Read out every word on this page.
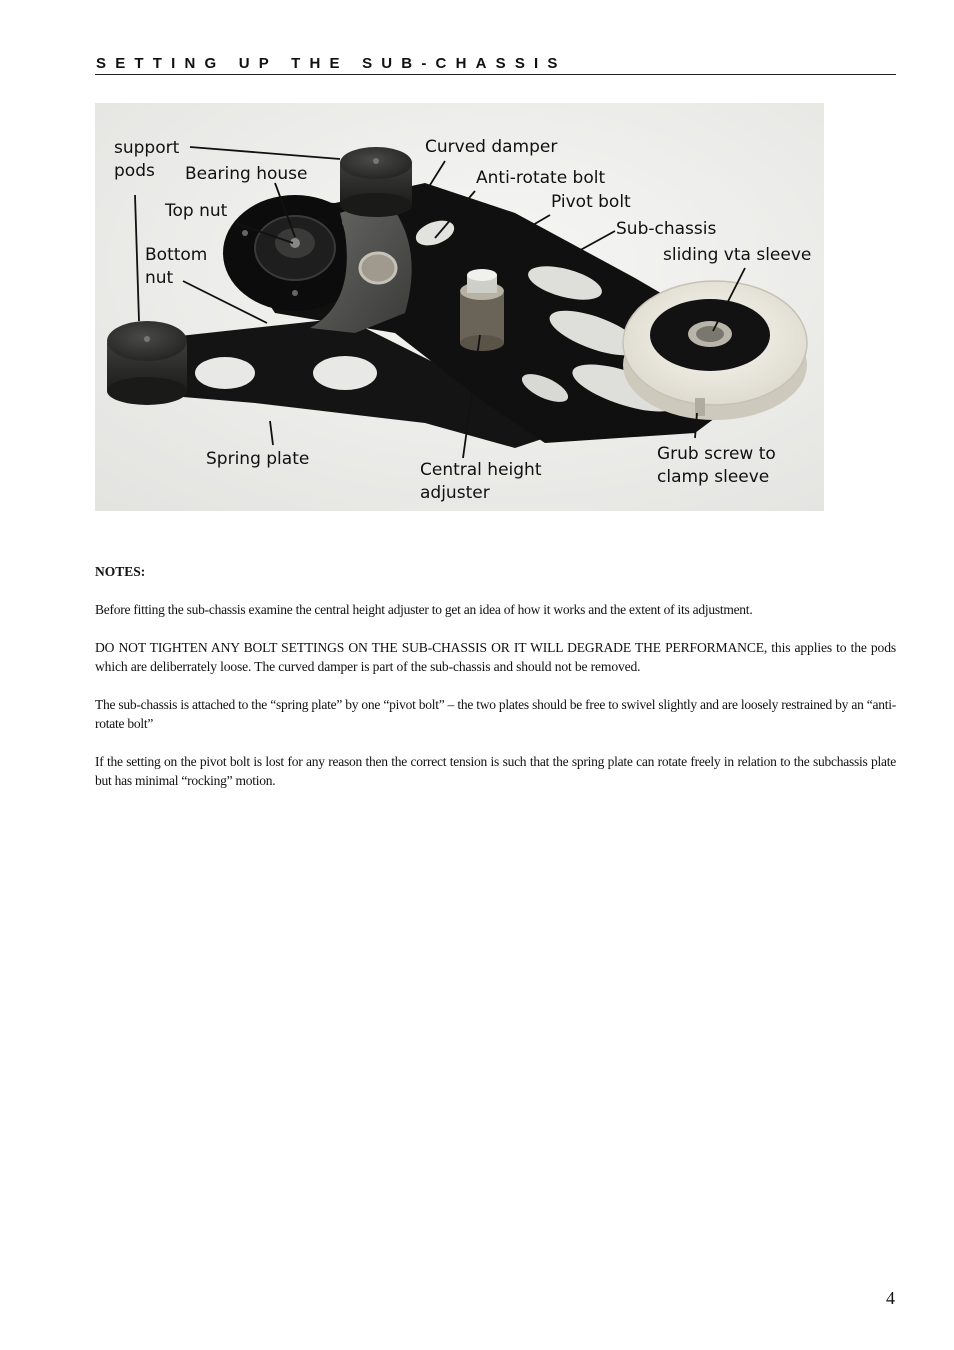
SETTING UP THE SUB-CHASSIS
support
pods Bearing house
Top nut
Bottom
nut
Curved damper
Anti-rotate bolt
Pivot bolt
Sub-chassis
sliding vta sleeve
Spring plate
Central height
adjuster
Grub screw to
clamp sleeve
NOTES:

Before fitting the sub-chassis examine the central height adjuster to get an idea of how it works and the extent of its adjustment.

DO NOT TIGHTEN ANY BOLT SETTINGS ON THE SUB-CHASSIS OR IT WILL DEGRADE THE PERFORMANCE, this applies to the pods which are deliberrately loose. The curved damper is part of the sub-chassis and should not be removed.

The sub-chassis is attached to the “spring plate” by one “pivot bolt” – the two plates should be free to swivel slightly and are loosely restrained by an “anti-rotate bolt”

If the setting on the pivot bolt is lost for any reason then the correct tension is such that the spring plate can rotate freely in relation to the subchassis plate but has minimal “rocking” motion.

4
